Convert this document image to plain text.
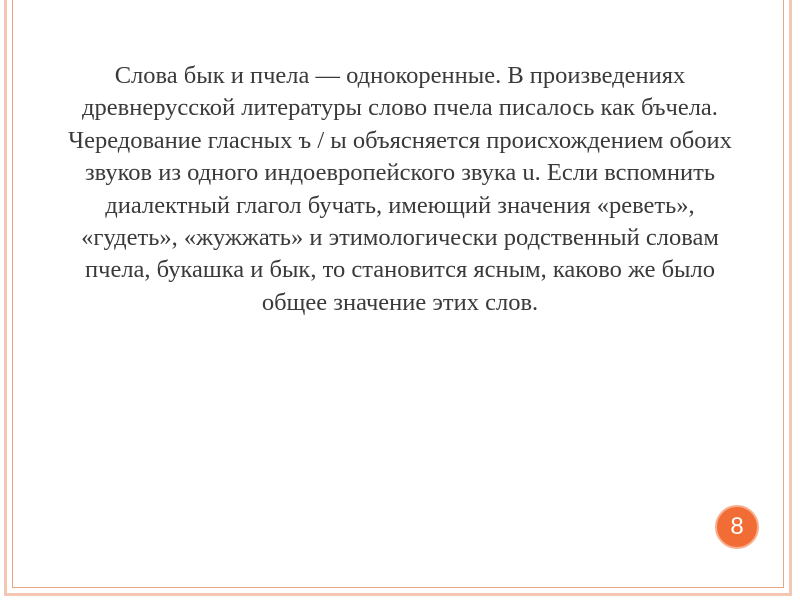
Слова бык и пчела — однокоренные. В произведениях древнерусской литературы слово пчела писалось как бъчела. Чередование гласных ъ / ы объясняется происхождением обоих звуков из одного индоевропейского звука u. Если вспомнить диалектный глагол бучать, имеющий значения «реветь», «гудеть», «жужжать» и этимологически родственный словам пчела, букашка и бык, то становится ясным, каково же было общее значение этих слов.

8
